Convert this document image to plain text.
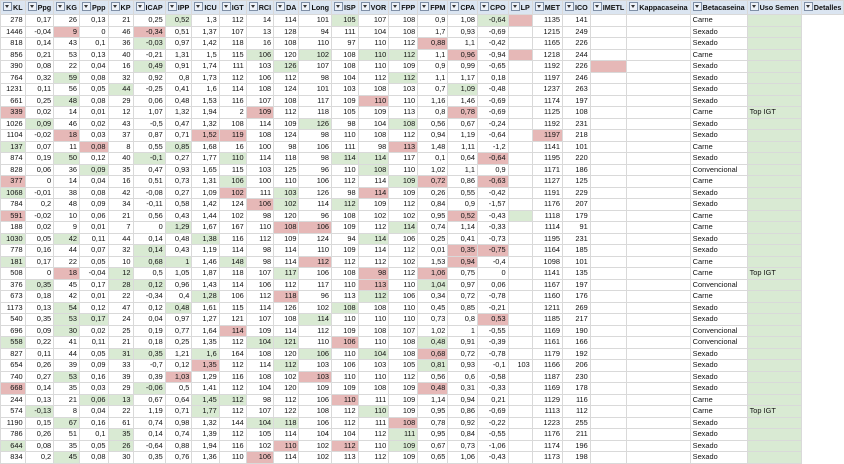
KL	Ppg	KG	Ppp	KP	ICAP	IPP	ICU	IGT	RCI	DA	Long	ISP	VOR	FPP	FPM	CPA	CPO	LP	MET	ICO	IMETL	Kappacaseina	Betacaseina	Uso Semen	Detalles
278	0,17	26	0,13	21	0,25	0,52	1,3	112	14	114	101	105	107	108	0,9	1,08	-0,64		1135	141			Carne		
1446	-0,04	9	0	46	-0,34	0,51	1,37	107	13	128	94	111	104	108	1,7	0,93	-0,69		1215	249			Sexado		
818	0,14	43	0,1	36	-0,03	0,97	1,42	118	16	108	110	97	110	112	0,88	1,1	-0,42		1165	226			Sexado		
856	0,21	53	0,13	40	-0,21	1,31	1,5	115	106	120	102	108	110	112	1,1	0,96	-0,94		1218	244			Carne		
390	0,08	22	0,04	16	0,49	0,91	1,74	111	103	126	107	108	110	109	0,9	0,99	-0,65		1192	226			Sexado		
764	0,32	59	0,08	32	0,92	0,8	1,73	112	106	112	98	104	112	112	1,1	1,17	0,18		1197	246			Sexado		
1231	0,11	56	0,05	44	-0,25	0,41	1,6	114	108	124	101	103	108	103	0,7	1,09	-0,48		1237	263			Sexado		
661	0,25	48	0,08	29	0,06	0,48	1,53	116	107	108	117	109	110	110	1,16	1,46	-0,69		1174	197			Sexado		
339	0,02	14	0,01	12	1,07	1,32	1,94	2	109	112	118	105	109	113	0,8	0,78	-0,69		1125	108			Carne	Top IGT	
1026	0,09	46	0,02	43	-0,5	0,47	1,32	108	114	109	126	98	104	108	0,56	0,67	-0,24		1192	231			Sexado		
1104	-0,02	18	0,03	37	0,87	0,71	1,52	119	108	124	98	110	108	112	0,94	1,19	-0,64		1197	218			Sexado		
137	0,07	11	0,08	8	0,55	0,85	1,68	16	100	98	106	111	98	113	1,48	1,11	-1,2		1141	101			Carne		
874	0,19	50	0,12	40	-0,1	0,27	1,77	110	114	118	98	114	114	117	0,1	0,64	-0,64		1195	220			Sexado		
828	0,06	36	0,09	35	0,47	0,93	1,65	115	103	125	96	110	108	110	1,02	1,1	0,9		1171	186			Convencional		
377	0	14	0,04	16	0,51	0,73	1,31	106	100	110	106	112	114	109	0,72	0,86	-0,63		1127	125			Carne		
1068	-0,01	38	0,08	42	-0,08	0,27	1,09	102	111	103	126	98	114	109	0,26	0,55	-0,42		1191	229			Sexado		
784	0,2	48	0,09	34	-0,11	0,58	1,42	124	106	102	114	112	109	112	0,84	0,9	-1,57		1176	207			Sexado		
591	-0,02	10	0,06	21	0,56	0,43	1,44	102	98	120	96	108	102	102	0,95	0,52	-0,43		1118	179			Carne		
188	0,02	9	0,01	7	0	1,29	1,67	167	110	108	106	109	112	114	0,74	1,14	-0,33		1114	91			Carne		
1030	0,05	42	0,11	44	0,14	0,48	1,38	116	112	109	124	94	114	106	0,25	0,41	-0,73		1195	231			Sexado		
778	0,16	44	0,07	32	0,14	0,43	1,19	114	98	114	110	109	114	112	0,01	0,35	-0,75		1164	185			Sexado		
181	0,17	22	0,05	10	0,68	1	1,46	148	98	114	112	112	112	102	1,53	0,94	-0,4		1098	101			Carne		
508	0	18	-0,04	12	0,5	1,05	1,87	118	107	117	106	108	98	112	1,06	0,75	0		1141	135			Carne	Top IGT	
376	0,35	45	0,17	28	0,12	0,96	1,43	114	106	112	117	110	113	110	1,04	0,97	0,06		1167	197			Convencional		
673	0,18	42	0,01	22	-0,34	0,4	1,28	106	112	118	96	113	112	106	0,34	0,72	-0,78		1160	176			Carne		
1173	0,13	54	0,12	47	0,12	0,48	1,61	115	114	126	102	108	108	110	0,45	0,85	-0,21		1211	269			Sexado		
540	0,35	53	0,17	24	0,04	0,97	1,27	121	107	108	114	110	110	110	0,73	0,8	0,53		1185	217			Sexado		
696	0,09	30	0,02	25	0,19	0,77	1,64	114	109	114	112	109	108	107	1,02	1	-0,55		1169	190			Convencional		
558	0,22	41	0,11	21	0,18	0,25	1,35	112	104	121	110	106	110	108	0,48	0,91	-0,39		1161	166			Convencional		
827	0,11	44	0,05	31	0,35	1,21	1,6	164	108	120	106	110	104	108	0,68	0,72	-0,78		1179	192			Sexado		
654	0,26	39	0,09	33	-0,7	0,12	1,35	112	114	112	103	106	103	105	0,81	0,93	-0,1	103	1166	206			Sexado		
740	0,27	53	0,16	39	0,39	1,03	1,29	116	108	102	103	110	110	112	0,56	0,6	-0,58		1187	230			Sexado		
668	0,14	35	0,03	29	-0,06	0,5	1,41	112	104	120	109	109	108	109	0,48	0,31	-0,33		1169	178			Sexado		
244	0,13	21	0,06	13	0,67	0,64	1,45	112	98	112	106	110	111	109	1,14	0,94	0,21		1129	116			Carne		
574	-0,13	8	0,04	22	1,19	0,71	1,77	112	107	122	108	112	110	109	0,95	0,86	-0,69		1113	112			Carne	Top IGT	
1190	0,15	67	0,16	61	0,74	0,98	1,32	144	104	118	106	112	111	108	0,78	0,92	-0,22		1223	255			Sexado		
786	0,26	51	0,1	35	0,14	0,74	1,39	112	105	114	104	104	112	111	0,95	0,84	-0,55		1176	211			Sexado		
644	0,08	35	0,05	26	-0,64	0,88	1,94	116	102	110	102	112	110	109	0,67	0,73	-1,06		1174	196			Sexado		
834	0,2	45	0,08	30	0,35	0,76	1,36	110	106	114	102	113	112	109	0,65	1,06	-0,43		1173	198			Sexado		
